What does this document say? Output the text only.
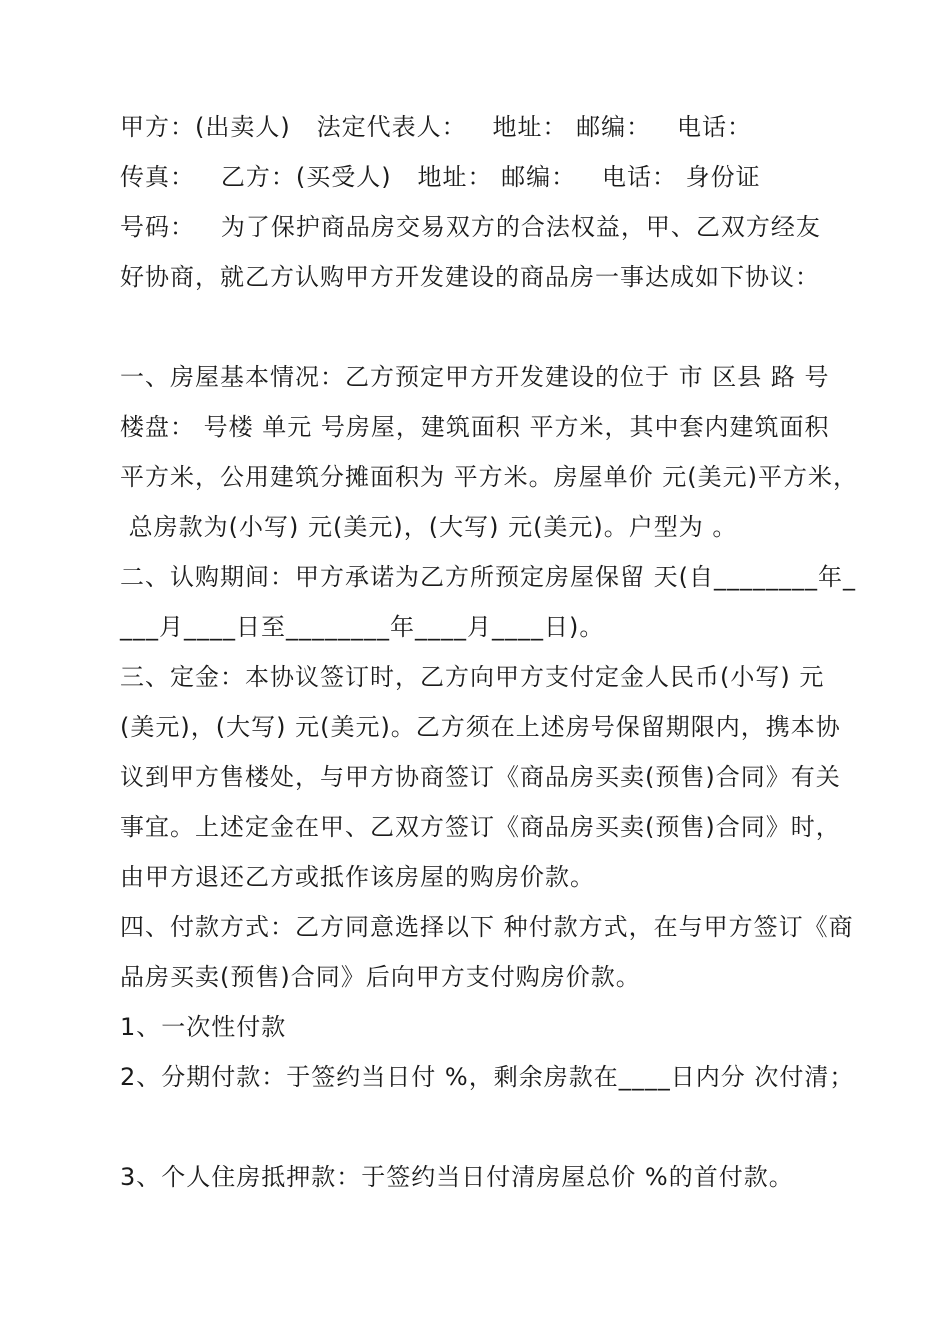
甲方：(出卖人)   法定代表人：   地址： 邮编：   电话：
传真：   乙方：(买受人)   地址： 邮编：   电话： 身份证
号码：   为了保护商品房交易双方的合法权益，甲、乙双方经友
好协商，就乙方认购甲方开发建设的商品房一事达成如下协议：
一、房屋基本情况：乙方预定甲方开发建设的位于 市 区县 路 号
楼盘： 号楼 单元 号房屋，建筑面积 平方米，其中套内建筑面积
平方米，公用建筑分摊面积为 平方米。房屋单价 元(美元)平方米，
总房款为(小写) 元(美元)，(大写) 元(美元)。户型为 。
二、认购期间：甲方承诺为乙方所预定房屋保留 天(自________年_
___月____日至________年____月____日)。
三、定金：本协议签订时，乙方向甲方支付定金人民币(小写) 元
(美元)，(大写) 元(美元)。乙方须在上述房号保留期限内，携本协
议到甲方售楼处，与甲方协商签订《商品房买卖(预售)合同》有关
事宜。上述定金在甲、乙双方签订《商品房买卖(预售)合同》时，
由甲方退还乙方或抵作该房屋的购房价款。
四、付款方式：乙方同意选择以下 种付款方式，在与甲方签订《商
品房买卖(预售)合同》后向甲方支付购房价款。
1、一次性付款
2、分期付款：于签约当日付 %，剩余房款在____日内分 次付清；
3、个人住房抵押款：于签约当日付清房屋总价 %的首付款。
